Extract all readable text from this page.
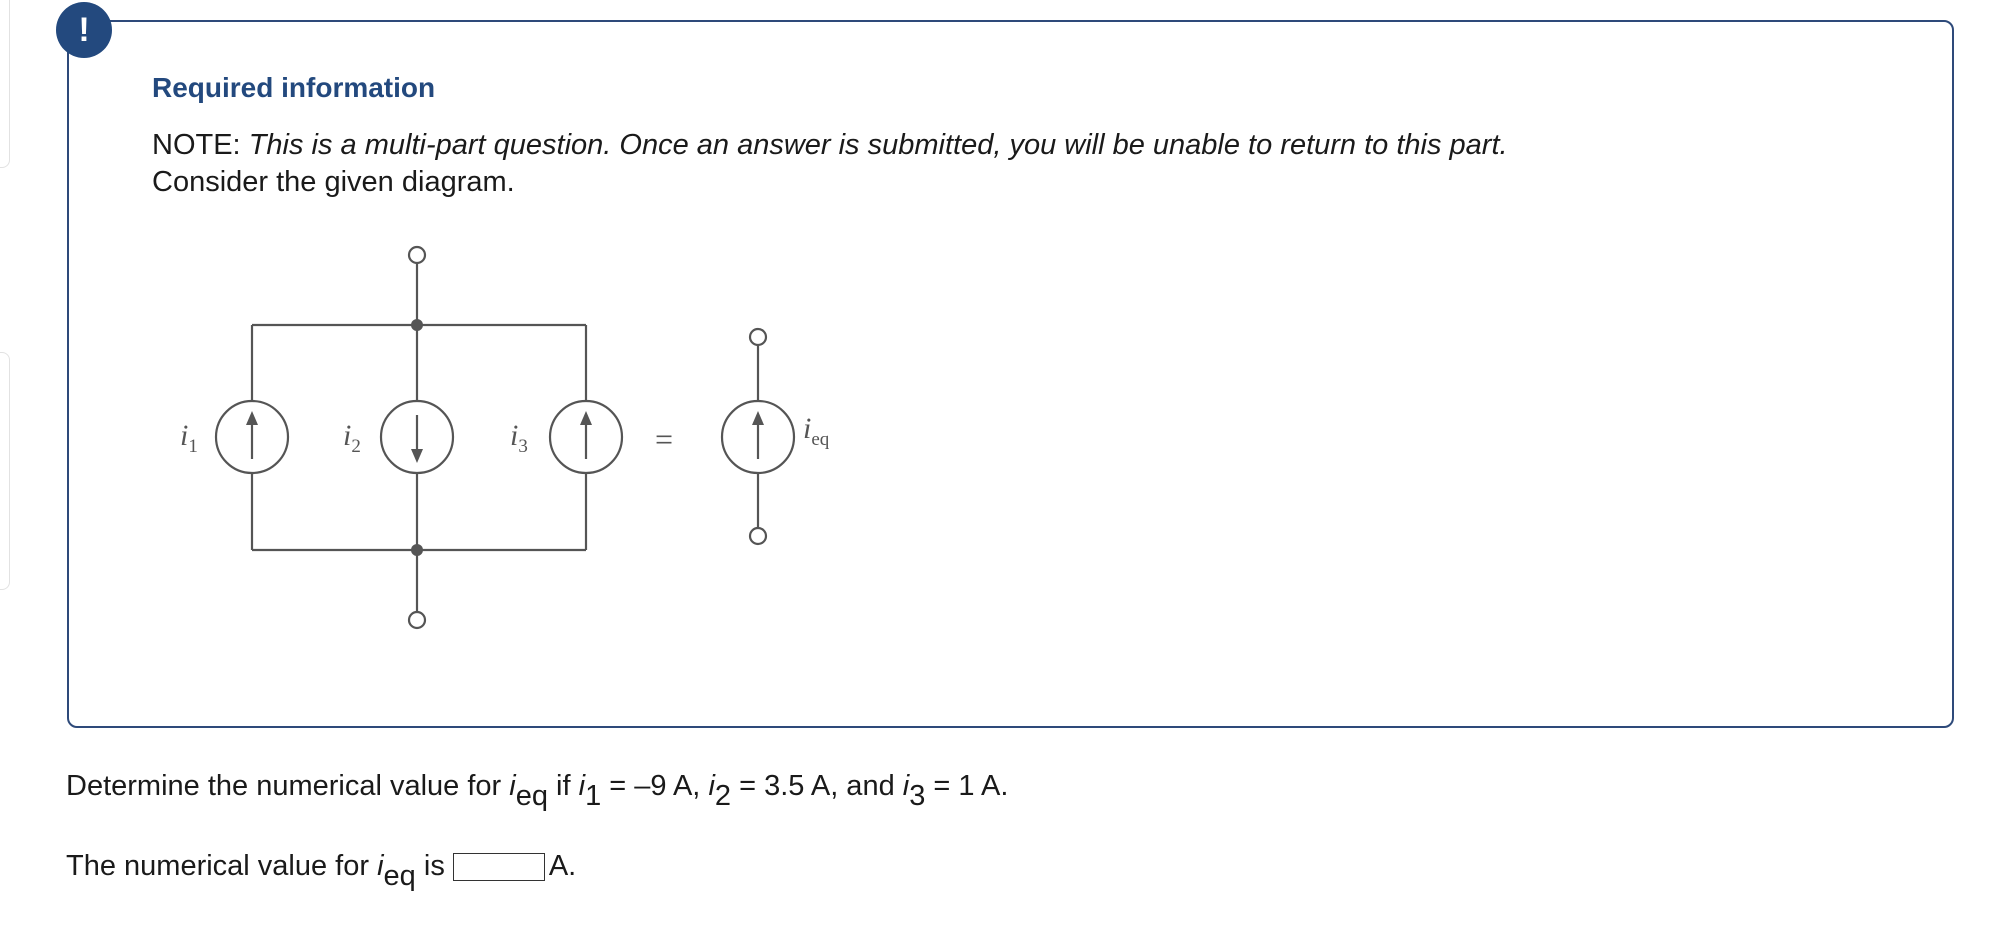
!
Required information
NOTE: This is a multi-part question. Once an answer is submitted, you will be unable to return to this part.
Consider the given diagram.
$i_1$	$i_2$	$i_3$	=	$i_{eq}$
Determine the numerical value for $i_{eq}$ if $i_1 = -9$ A, $i_2 = 3.5$ A, and $i_3 = 1$ A.
The numerical value for $i_{eq}$ is	A.
